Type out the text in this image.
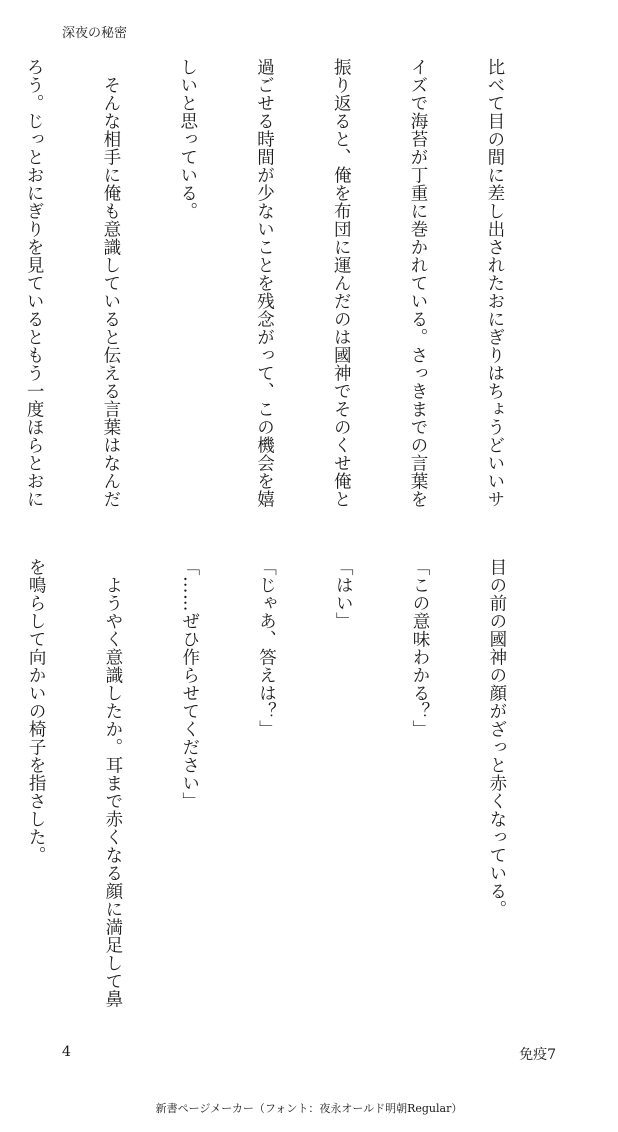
深夜の秘密

比べて目の間に差し出されたおにぎりはちょうどいいサ

イズで海苔が丁重に巻かれている。さっきまでの言葉を

振り返ると、俺を布団に運んだのは國神でそのくせ俺と

過ごせる時間が少ないことを残念がって、この機会を嬉

しいと思っている。

　そんな相手に俺も意識していると伝える言葉はなんだ

ろう。じっとおにぎりを見ているともう一度ほらとおに

目の前の國神の顔がざっと赤くなっている。

「この意味わかる？」

「はい」

「じゃあ、答えは？」

「……ぜひ作らせてください」

　ようやく意識したか。耳まで赤くなる顔に満足して鼻

を鳴らして向かいの椅子を指さした。

4	免疫7
新書ページメーカー（フォント：夜永オールド明朝Regular）
